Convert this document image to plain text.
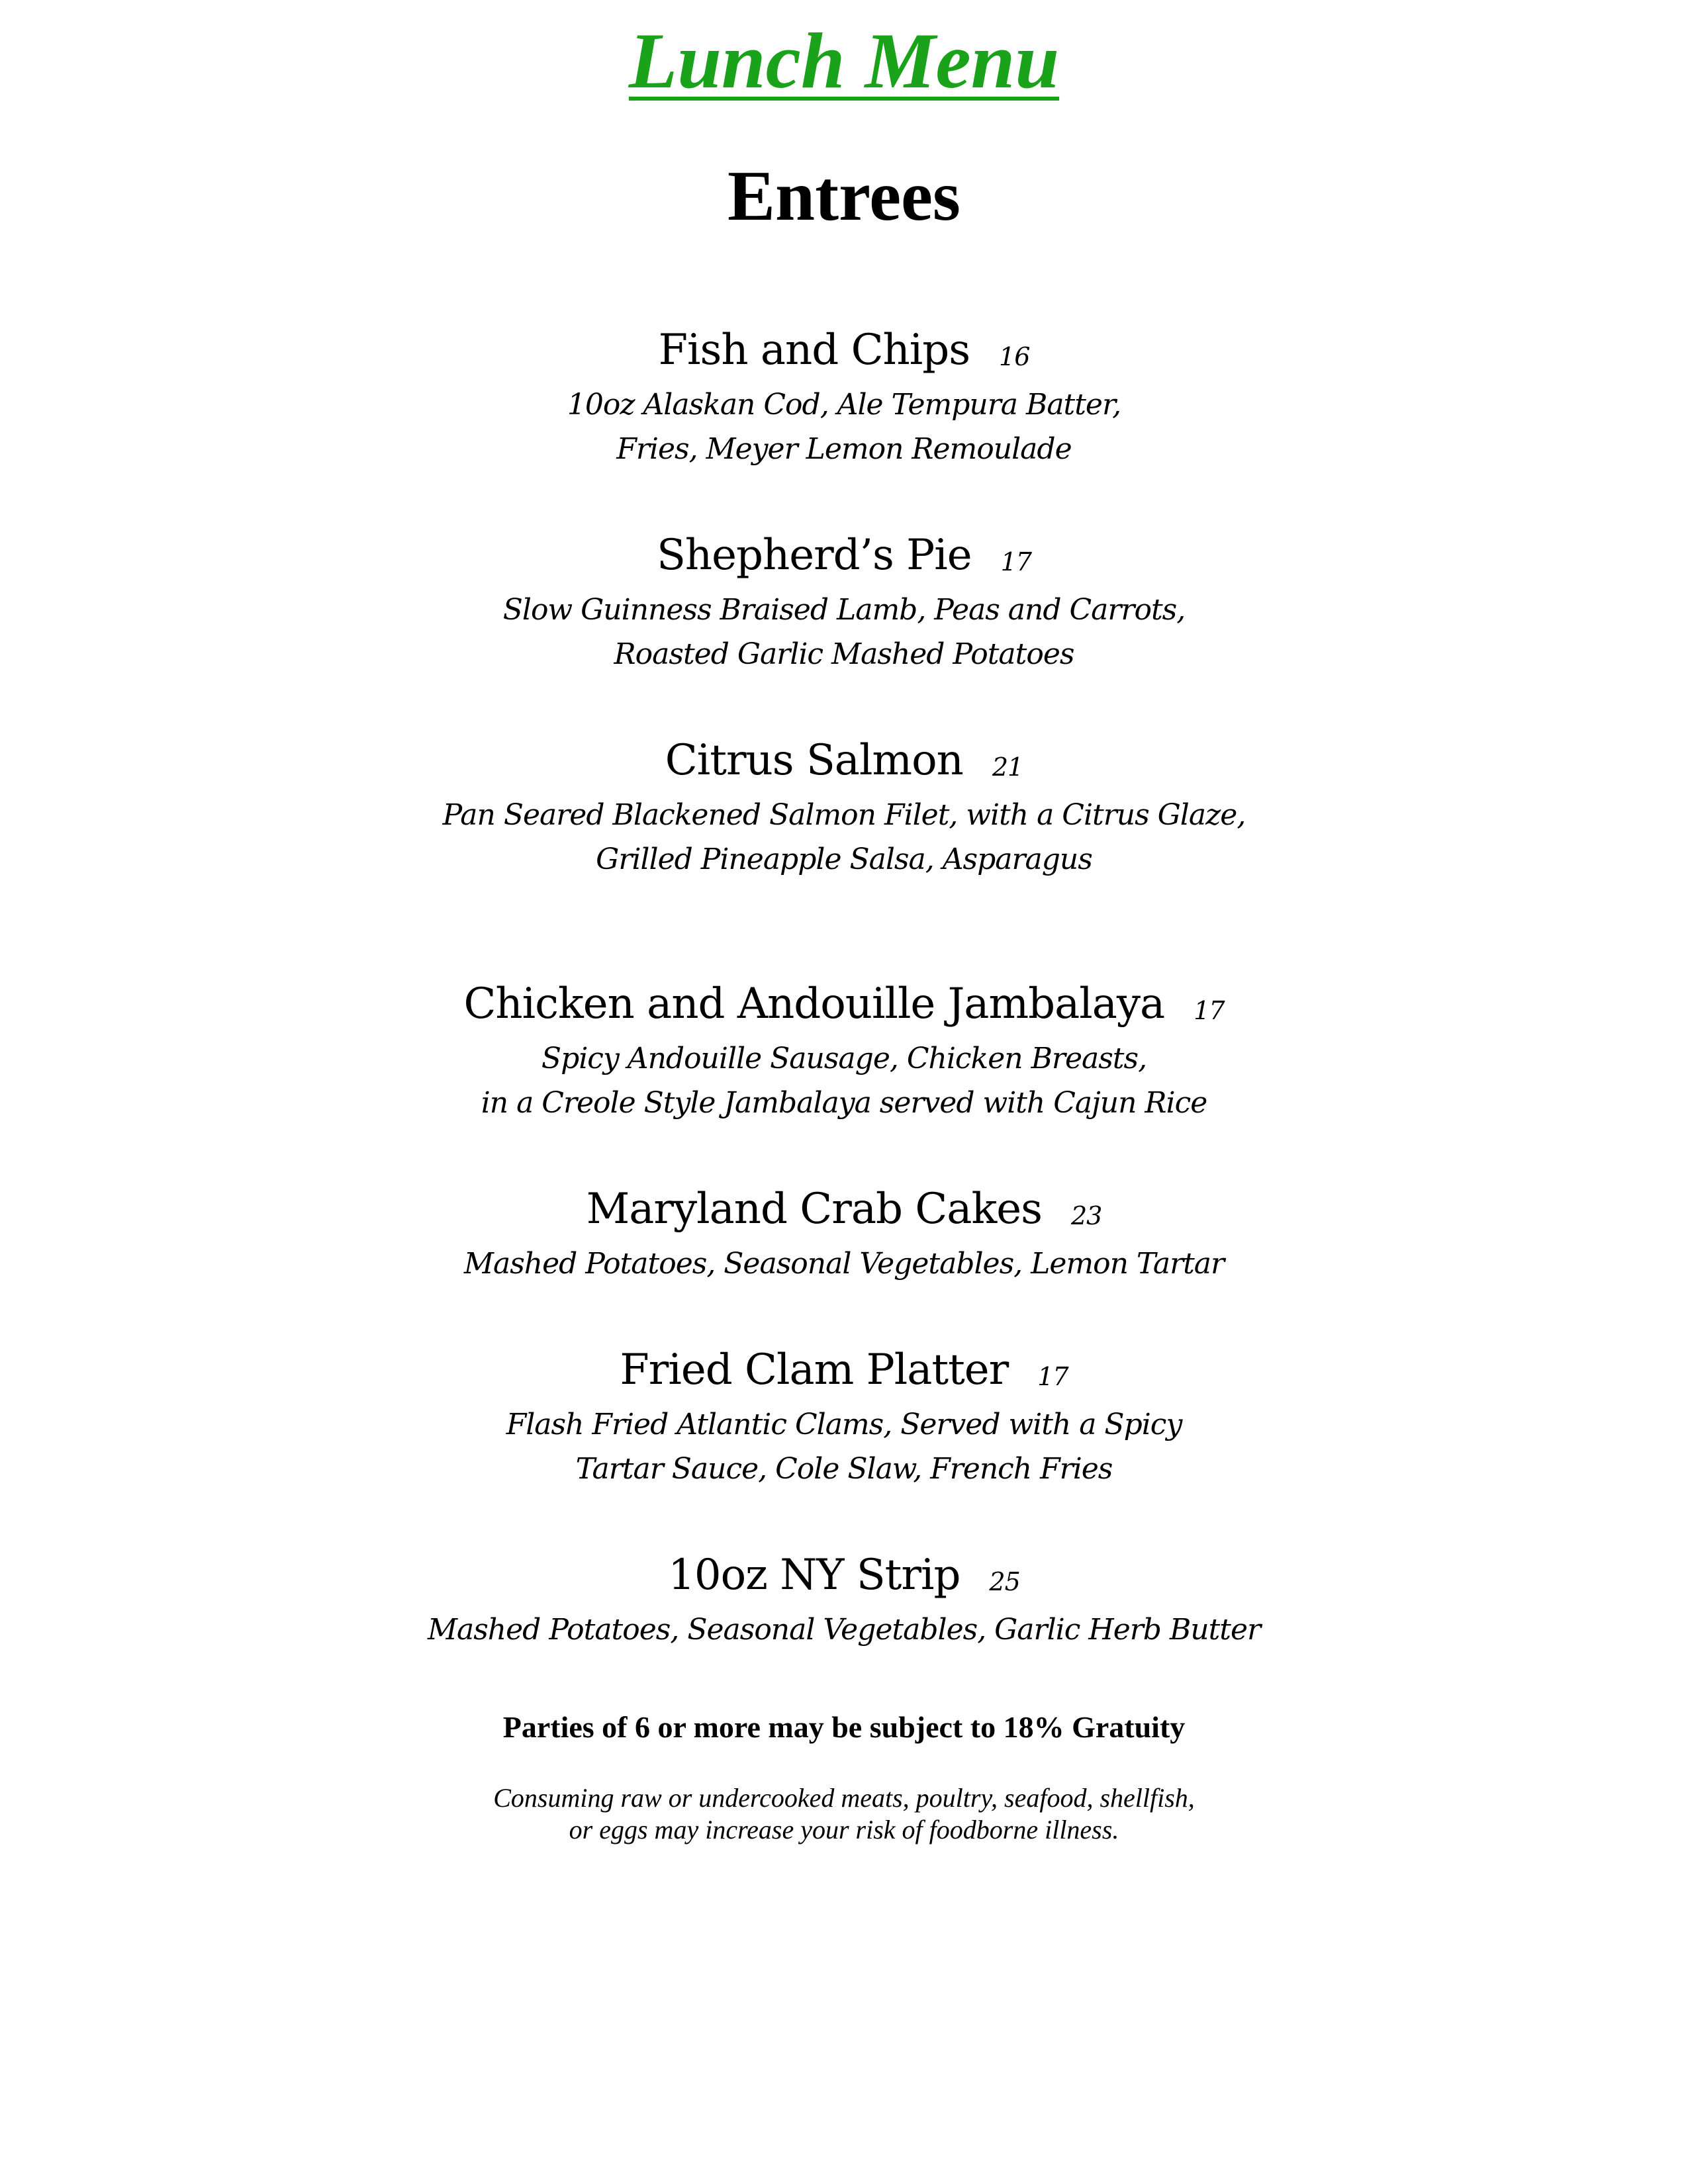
Lunch Menu
Entrees
Fish and Chips 16
10oz Alaskan Cod, Ale Tempura Batter,
Fries, Meyer Lemon Remoulade
Shepherd’s Pie 17
Slow Guinness Braised Lamb, Peas and Carrots,
Roasted Garlic Mashed Potatoes
Citrus Salmon 21
Pan Seared Blackened Salmon Filet, with a Citrus Glaze,
Grilled Pineapple Salsa, Asparagus
Chicken and Andouille Jambalaya 17
Spicy Andouille Sausage, Chicken Breasts,
in a Creole Style Jambalaya served with Cajun Rice
Maryland Crab Cakes 23
Mashed Potatoes, Seasonal Vegetables, Lemon Tartar
Fried Clam Platter 17
Flash Fried Atlantic Clams, Served with a Spicy
Tartar Sauce, Cole Slaw, French Fries
10oz NY Strip 25
Mashed Potatoes, Seasonal Vegetables, Garlic Herb Butter
Parties of 6 or more may be subject to 18% Gratuity
Consuming raw or undercooked meats, poultry, seafood, shellfish,
or eggs may increase your risk of foodborne illness.
